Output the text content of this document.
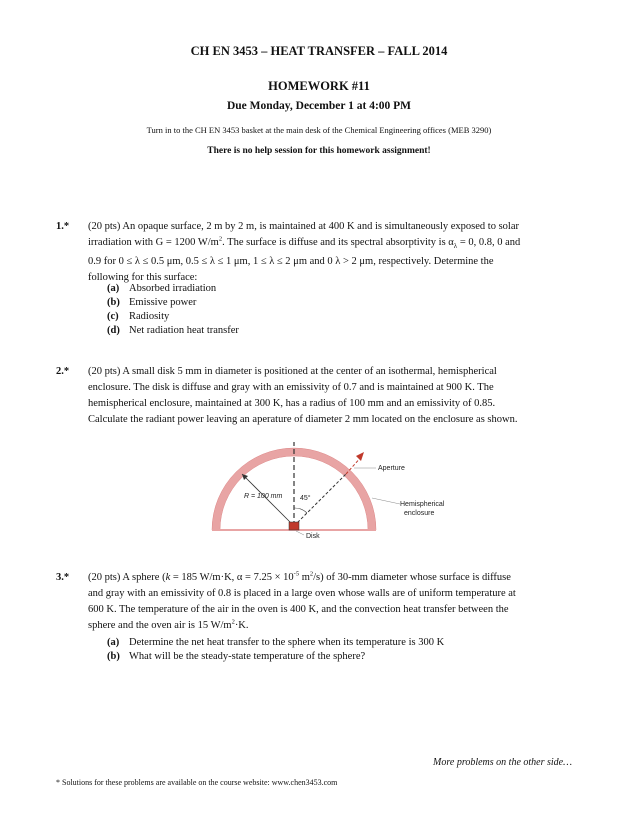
CH EN 3453 – HEAT TRANSFER – FALL 2014
HOMEWORK #11
Due Monday, December 1 at 4:00 PM
Turn in to the CH EN 3453 basket at the main desk of the Chemical Engineering offices (MEB 3290)
There is no help session for this homework assignment!
1.* (20 pts) An opaque surface, 2 m by 2 m, is maintained at 400 K and is simultaneously exposed to solar
irradiation with G = 1200 $W/m^2$. The surface is diffuse and its spectral absorptivity is $\alpha_\lambda = 0$, 0.8, 0 and
0.9 for 0 ≤ λ ≤ 0.5 μm, 0.5 ≤ λ ≤ 1 μm, 1 ≤ λ ≤ 2 μm and 0 λ > 2 μm, respectively. Determine the
following for this surface:
(a) Absorbed irradiation
(b) Emissive power
(c) Radiosity
(d) Net radiation heat transfer
2.* (20 pts) A small disk 5 mm in diameter is positioned at the center of an isothermal, hemispherical
enclosure. The disk is diffuse and gray with an emissivity of 0.7 and is maintained at 900 K. The
hemispherical enclosure, maintained at 300 K, has a radius of 100 mm and an emissivity of 0.85.
Calculate the radiant power leaving an aperature of diameter 2 mm located on the enclosure as shown.
R = 100 mm	45°
Aperture
Hemispherical
enclosure
Disk
3.* (20 pts) A sphere (k = 185 W/m·K, $\alpha = 7.25 \times 10^{-5}$ $m^2/s$) of 30-mm diameter whose surface is diffuse
and gray with an emissivity of 0.8 is placed in a large oven whose walls are of uniform temperature at
600 K. The temperature of the air in the oven is 400 K, and the convection heat transfer between the
sphere and the oven air is 15 $W/m^2\cdot K$.
(a) Determine the net heat transfer to the sphere when its temperature is 300 K
(b) What will be the steady-state temperature of the sphere?
More problems on the other side…
* Solutions for these problems are available on the course website: www.chen3453.com
